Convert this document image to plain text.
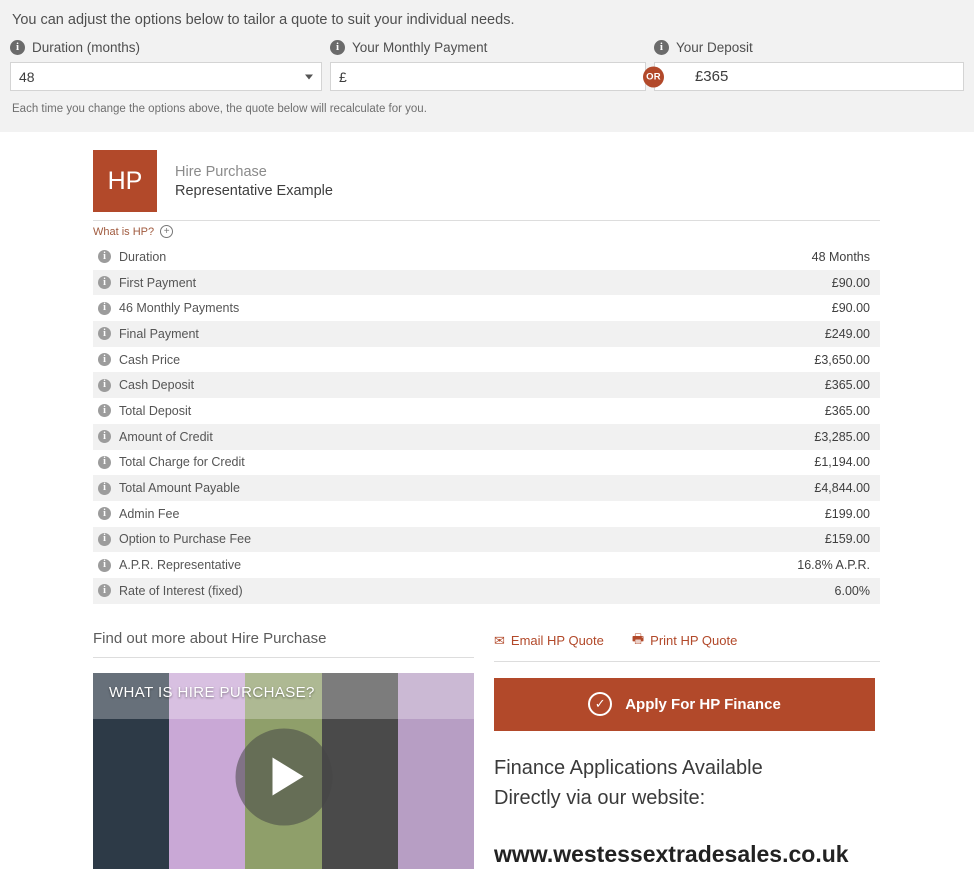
You can adjust the options below to tailor a quote to suit your individual needs.
i Duration (months)
48
i Your Monthly Payment
£
i Your Deposit
OR £365
Each time you change the options above, the quote below will recalculate for you.
HP	Hire Purchase
Representative Example
What is HP? +
i	Duration	48 Months
i	First Payment	£90.00
i	46 Monthly Payments	£90.00
i	Final Payment	£249.00
i	Cash Price	£3,650.00
i	Cash Deposit	£365.00
i	Total Deposit	£365.00
i	Amount of Credit	£3,285.00
i	Total Charge for Credit	£1,194.00
i	Total Amount Payable	£4,844.00
i	Admin Fee	£199.00
i	Option to Purchase Fee	£159.00
i	A.P.R. Representative	16.8% A.P.R.
i	Rate of Interest (fixed)	6.00%
Find out more about Hire Purchase
WHAT IS HIRE PURCHASE?
✉ Email HP Quote 🖶 Print HP Quote
✓	Apply For HP Finance
Finance Applications Available
Directly via our website:
www.westessextradesales.co.uk
